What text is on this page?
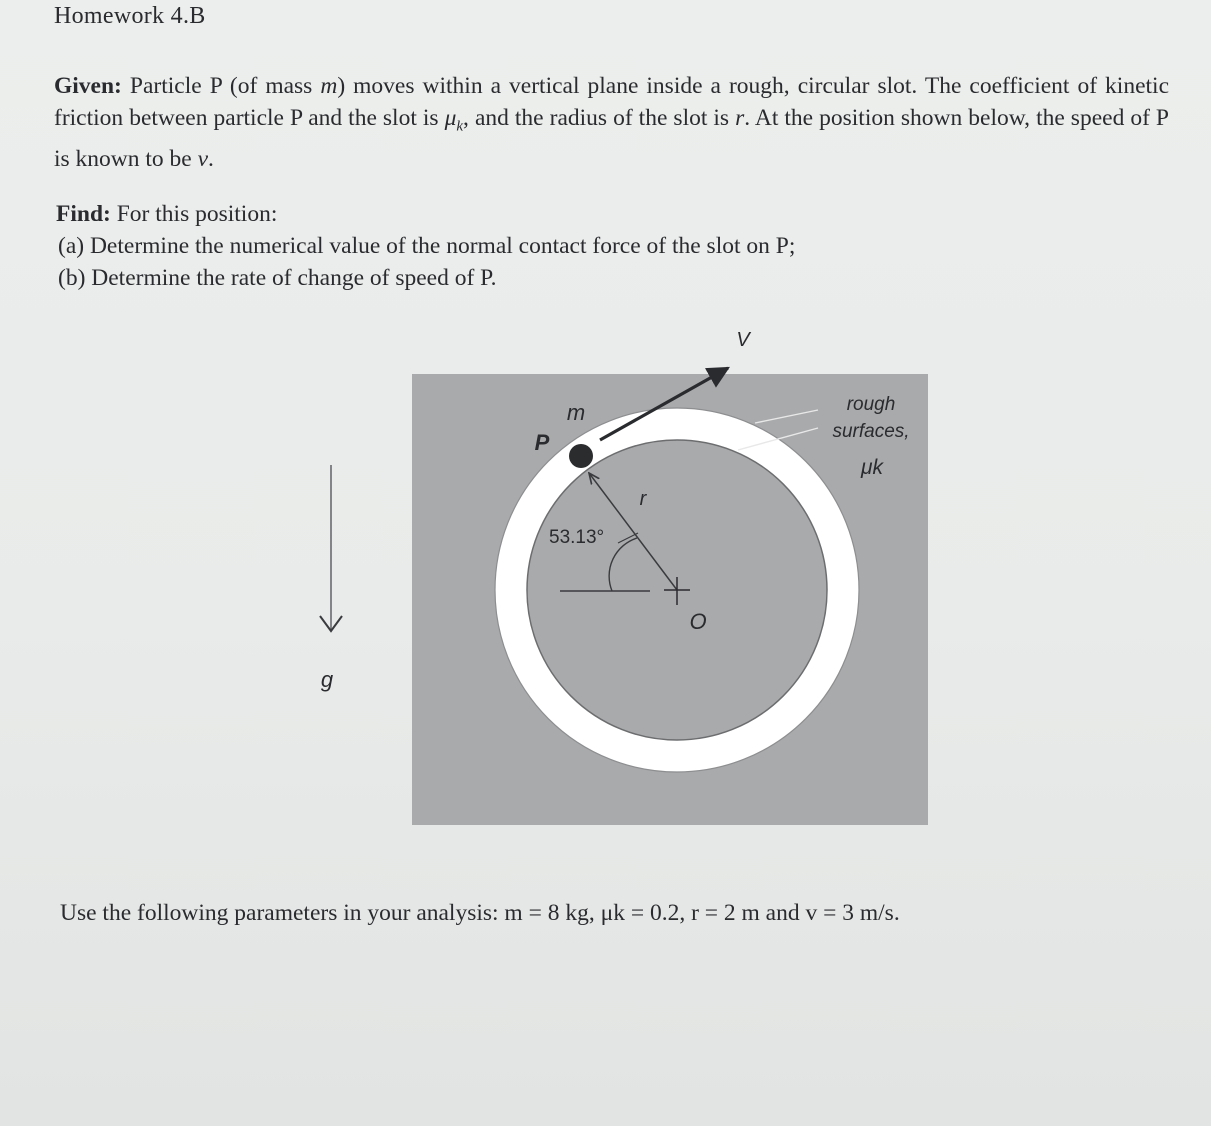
Homework 4.B
Given: Particle P (of mass m) moves within a vertical plane inside a rough, circular slot. The coefficient of kinetic friction between particle P and the slot is $\mu_k$, and the radius of the slot is r. At the position shown below, the speed of P is known to be v.
Find: For this position:
(a) Determine the numerical value of the normal contact force of the slot on P;
(b) Determine the rate of change of speed of P.
V
m
P
r
53.13°
O
g
rough
surfaces,
μk
Use the following parameters in your analysis: m = 8 kg, μk = 0.2, r = 2 m and v = 3 m/s.
